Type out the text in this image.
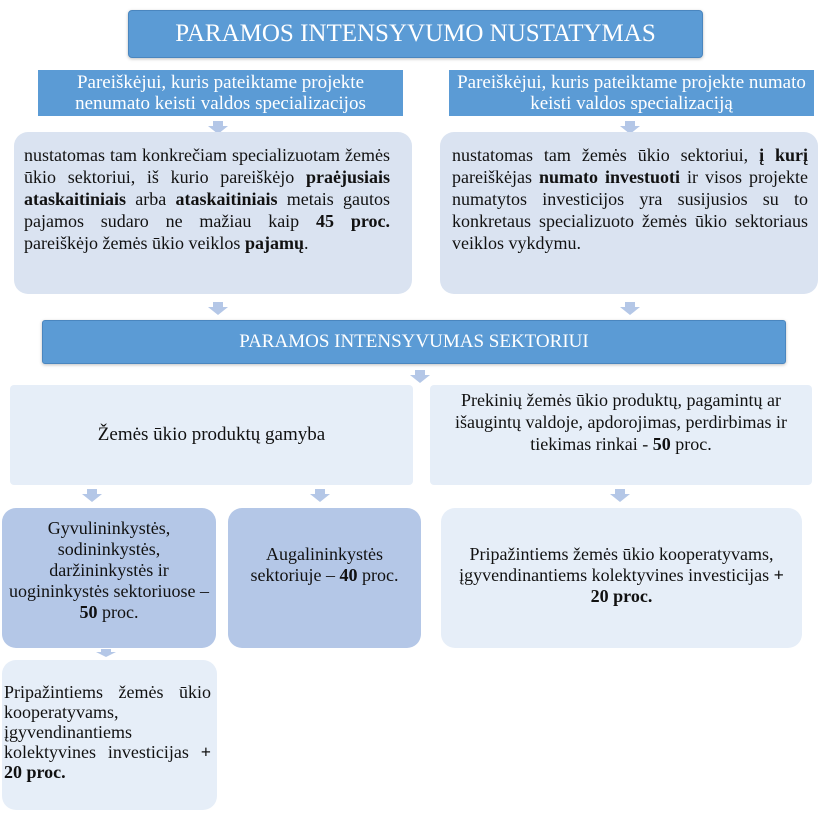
PARAMOS INTENSYVUMO NUSTATYMAS
Pareiškėjui, kuris pateiktame projekte nenumato keisti valdos specializacijos
Pareiškėjui, kuris pateiktame projekte numato keisti valdos specializaciją
nustatomas tam konkrečiam specializuotam žemės ūkio sektoriui, iš kurio pareiškėjo praėjusiais ataskaitiniais arba ataskaitiniais metais gautos pajamos sudaro ne mažiau kaip 45 proc. pareiškėjo žemės ūkio veiklos pajamų.
nustatomas tam žemės ūkio sektoriui, į kurį pareiškėjas numato investuoti ir visos projekte numatytos investicijos yra susijusios su to konkretaus specializuoto žemės ūkio sektoriaus veiklos vykdymu.
PARAMOS INTENSYVUMAS SEKTORIUI
Žemės ūkio produktų gamyba
Prekinių žemės ūkio produktų, pagamintų ar išaugintų valdoje, apdorojimas, perdirbimas ir tiekimas rinkai - 50 proc.
Gyvulininkystės, sodininkystės, daržininkystės ir uogininkystės sektoriuose – 50 proc.
Augalininkystės sektoriuje – 40 proc.
Pripažintiems žemės ūkio kooperatyvams, įgyvendinantiems kolektyvines investicijas + 20 proc.
Pripažintiems žemės ūkio kooperatyvams, įgyvendinantiems kolektyvines investicijas + 20 proc.
